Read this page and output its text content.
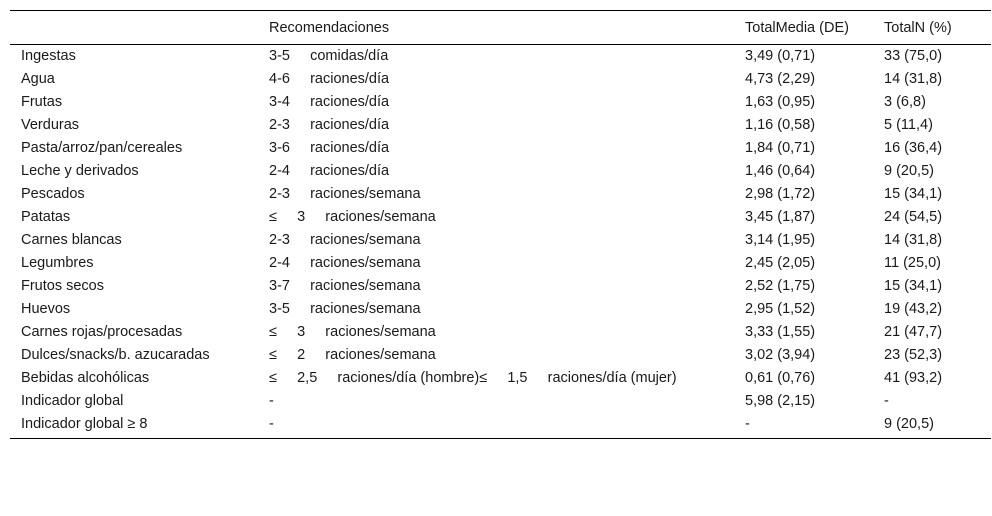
	Recomendaciones	TotalMedia (DE)	TotalN (%)
Ingestas	3-5     comidas/día	3,49 (0,71)	33 (75,0)
Agua	4-6     raciones/día	4,73 (2,29)	14 (31,8)
Frutas	3-4     raciones/día	1,63 (0,95)	3 (6,8)
Verduras	2-3     raciones/día	1,16 (0,58)	5 (11,4)
Pasta/arroz/pan/cereales	3-6     raciones/día	1,84 (0,71)	16 (36,4)
Leche y derivados	2-4     raciones/día	1,46 (0,64)	9 (20,5)
Pescados	2-3     raciones/semana	2,98 (1,72)	15 (34,1)
Patatas	≤     3     raciones/semana	3,45 (1,87)	24 (54,5)
Carnes blancas	2-3     raciones/semana	3,14 (1,95)	14 (31,8)
Legumbres	2-4     raciones/semana	2,45 (2,05)	11 (25,0)
Frutos secos	3-7     raciones/semana	2,52 (1,75)	15 (34,1)
Huevos	3-5     raciones/semana	2,95 (1,52)	19 (43,2)
Carnes rojas/procesadas	≤     3     raciones/semana	3,33 (1,55)	21 (47,7)
Dulces/snacks/b. azucaradas	≤     2     raciones/semana	3,02 (3,94)	23 (52,3)
Bebidas alcohólicas	≤     2,5     raciones/día (hombre)≤     1,5     raciones/día (mujer)	0,61 (0,76)	41 (93,2)
Indicador global	-	5,98 (2,15)	-
Indicador global ≥ 8	-	-	9 (20,5)
